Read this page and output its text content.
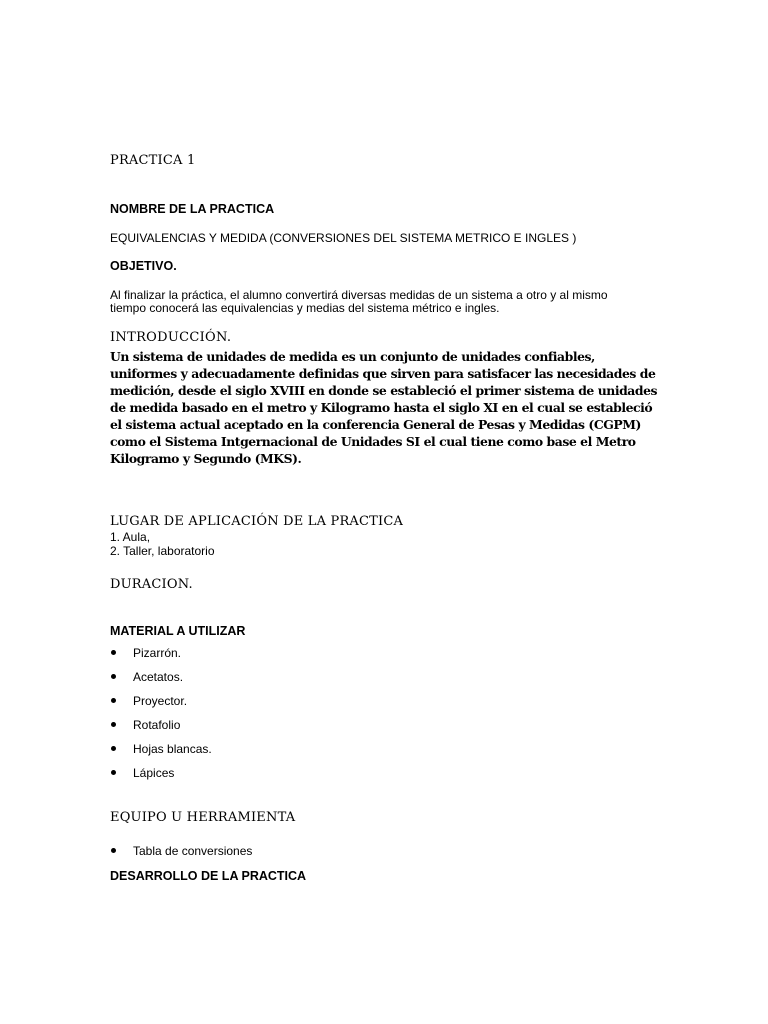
PRACTICA 1
NOMBRE DE LA PRACTICA
EQUIVALENCIAS Y MEDIDA (CONVERSIONES DEL SISTEMA METRICO E INGLES )
OBJETIVO.
Al finalizar la práctica, el alumno convertirá diversas medidas de un sistema a otro y al mismo
tiempo conocerá las equivalencias y medias del sistema métrico e ingles.
INTRODUCCIÓN.
Un sistema de unidades de medida es un conjunto de unidades confiables,
uniformes y adecuadamente definidas que sirven para satisfacer las necesidades de
medición, desde el siglo XVIII en donde se estableció el primer sistema de unidades
de medida basado en el metro y Kilogramo hasta el siglo XI en el cual se estableció
el sistema actual aceptado en la conferencia General de Pesas y Medidas (CGPM)
como el Sistema Intgernacional de Unidades SI el cual tiene como base el Metro
Kilogramo y Segundo (MKS).
LUGAR DE APLICACIÓN DE LA PRACTICA
1. Aula,
2. Taller, laboratorio
DURACION.
MATERIAL A UTILIZAR
Pizarrón.
Acetatos.
Proyector.
Rotafolio
Hojas blancas.
Lápices
EQUIPO U HERRAMIENTA
Tabla de conversiones
DESARROLLO DE LA PRACTICA
